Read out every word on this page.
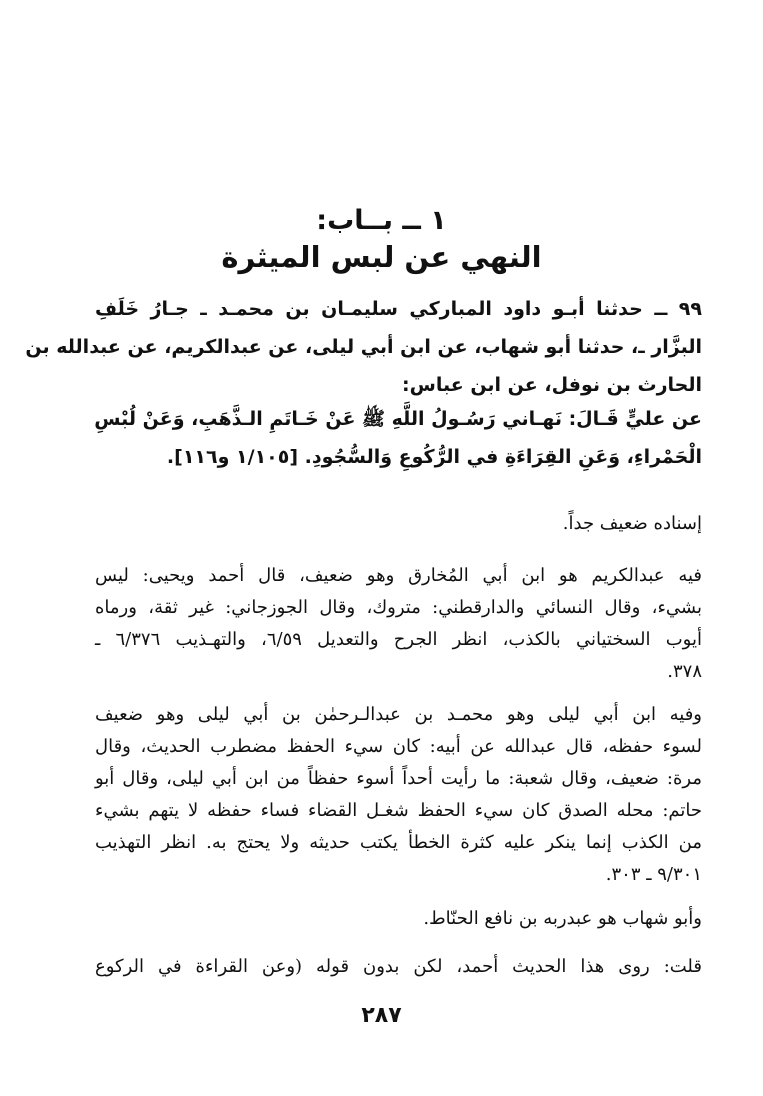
١ ــ بــاب:
النهي عن لبس الميثرة
٩٩ ــ حدثنا أبـو داود المباركي سليمـان بن محمـد ـ جـارُ خَلَفِ
البزَّار ـ، حدثنا أبو شهاب، عن ابن أبي ليلى، عن عبدالكريم، عن عبدالله بن
الحارث بن نوفل، عن ابن عباس:
عن عليٍّ قَـالَ: نَهـاني رَسُـولُ اللَّهِ ﷺ عَنْ خَـاتَمِ الـذَّهَبِ، وَعَنْ لُبْسِ
الْحَمْراءِ، وَعَنِ القِرَاءَةِ في الرُّكُوعِ وَالسُّجُودِ. [١/١٠٥ و١١٦].
إسناده ضعيف جداً.
فيه عبدالكريم هو ابن أبي المُخارق وهو ضعيف، قال أحمد ويحيى: ليس
بشيء، وقال النسائي والدارقطني: متروك، وقال الجوزجاني: غير ثقة، ورماه
أيوب السختياني بالكذب، انظر الجرح والتعديل ٦/٥٩، والتهـذيب ٦/٣٧٦ ـ
٣٧٨.
وفيه ابن أبي ليلى وهو محمـد بن عبدالـرحمٰن بن أبي ليلى وهو ضعيف
لسوء حفظه، قال عبدالله عن أبيه: كان سيء الحفظ مضطرب الحديث، وقال
مرة: ضعيف، وقال شعبة: ما رأيت أحداً أسوء حفظاً من ابن أبي ليلى، وقال أبو
حاتم: محله الصدق كان سيء الحفظ شغـل القضاء فساء حفظه لا يتهم بشيء
من الكذب إنما ينكر عليه كثرة الخطأ يكتب حديثه ولا يحتج به. انظر التهذيب
٩/٣٠١ ـ ٣٠٣.
وأبو شهاب هو عبدربه بن نافع الحنّاط.
قلت: روى هذا الحديث أحمد، لكن بدون قوله (وعن القراءة في الركوع
٢٨٧
